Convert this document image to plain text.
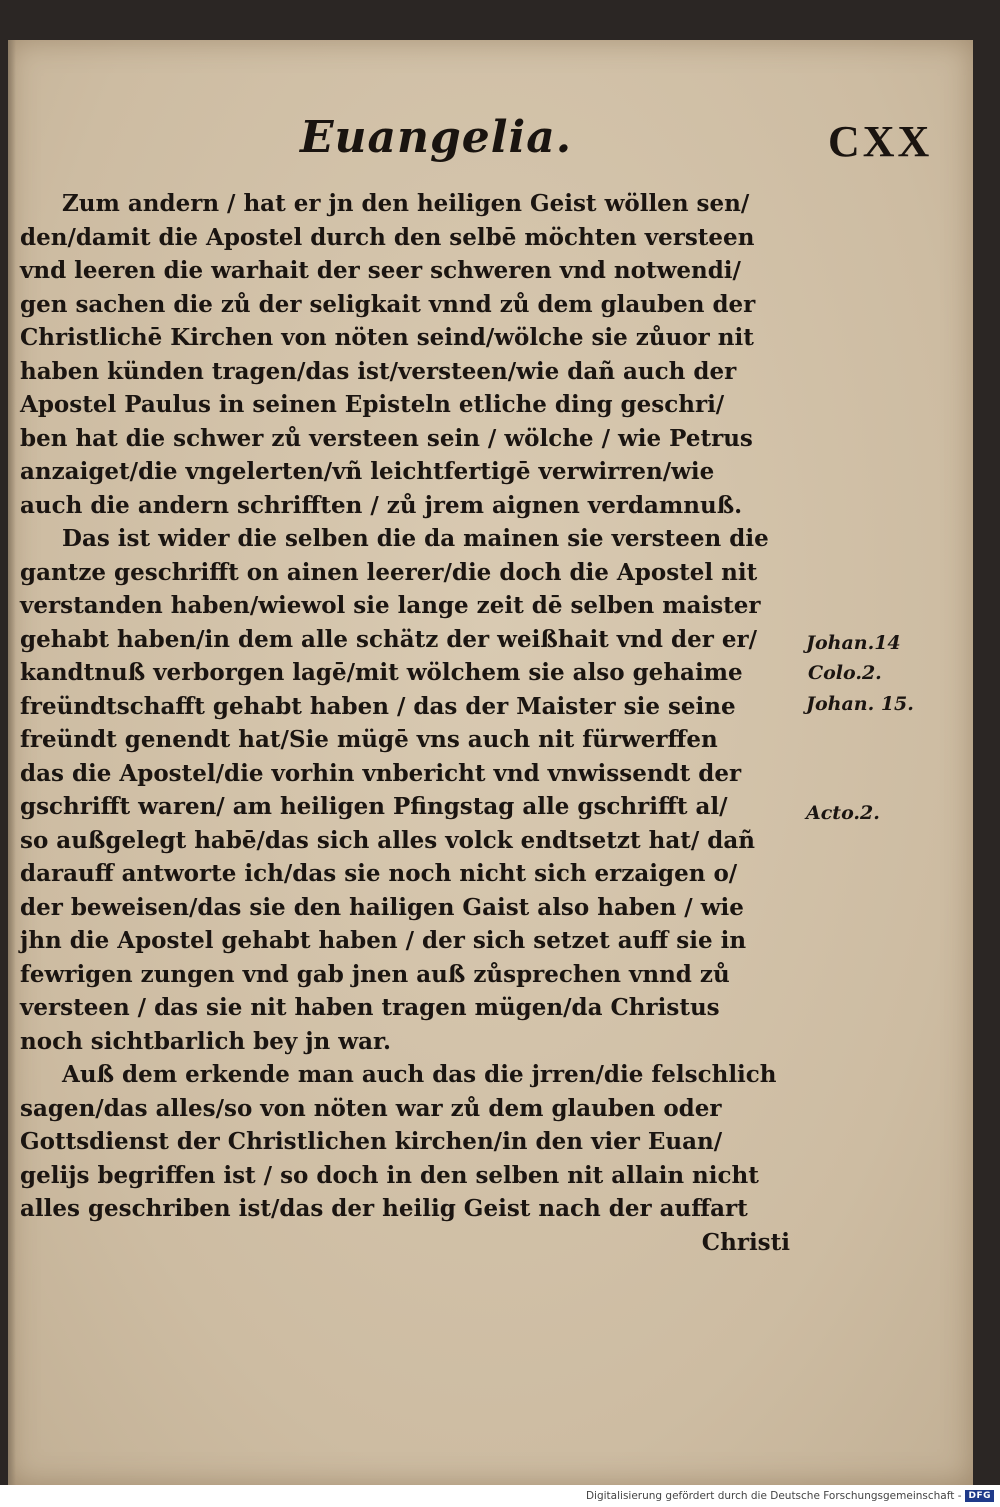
Euangelia.	CXX
Zum andern / hat er jn den heiligen Geist wöllen sen/
den/damit die Apostel durch den selbē möchten versteen
vnd leeren die warhait der seer schweren vnd notwendi/
gen sachen die zů der seligkait vnnd zů dem glauben der
Christlichē Kirchen von nöten seind/wölche sie zůuor nit
haben künden tragen/das ist/versteen/wie dañ auch der
Apostel Paulus in seinen Episteln etliche ding geschri/
ben hat die schwer zů versteen sein / wölche / wie Petrus
anzaiget/die vngelerten/vñ leichtfertigē verwirren/wie
auch die andern schrifften / zů jrem aignen verdamnuß.
Das ist wider die selben die da mainen sie versteen die
gantze geschrifft on ainen leerer/die doch die Apostel nit
verstanden haben/wiewol sie lange zeit dē selben maister
gehabt haben/in dem alle schätz der weißhait vnd der er/
kandtnuß verborgen lagē/mit wölchem sie also gehaime
freündtschafft gehabt haben / das der Maister sie seine
freündt genendt hat/Sie mügē vns auch nit fürwerffen
das die Apostel/die vorhin vnbericht vnd vnwissendt der
gschrifft waren/ am heiligen Pfingstag alle gschrifft al/
so außgelegt habē/das sich alles volck endtsetzt hat/ dañ
darauff antworte ich/das sie noch nicht sich erzaigen o/
der beweisen/das sie den hailigen Gaist also haben / wie
jhn die Apostel gehabt haben / der sich setzet auff sie in
fewrigen zungen vnd gab jnen auß zůsprechen vnnd zů
versteen / das sie nit haben tragen mügen/da Christus
noch sichtbarlich bey jn war.
Auß dem erkende man auch das die jrren/die felschlich
sagen/das alles/so von nöten war zů dem glauben oder
Gottsdienst der Christlichen kirchen/in den vier Euan/
gelijs begriffen ist / so doch in den selben nit allain nicht
alles geschriben ist/das der heilig Geist nach der auffart
Christi
Johan.14
Colo.2.
Johan. 15.
Acto.2.
Digitalisierung gefördert durch die Deutsche Forschungsgemeinschaft - DFG
